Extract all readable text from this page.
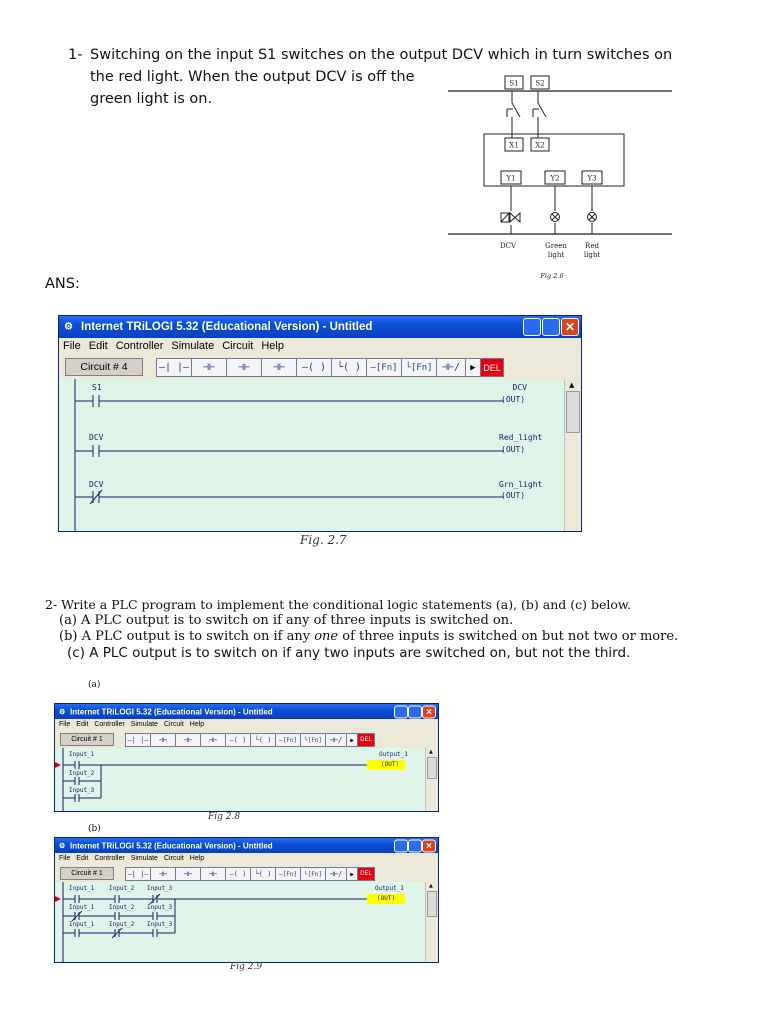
1- Switching on the input S1 switches on the output DCV which in turn switches on
the red light. When the output DCV is off the
green light is on.
S1 S2
X1 X2
Y1	Y2	Y3
DCV	Green
light
Red
light
Fig 2.6
ANS:
⚙ Internet TRiLOGI 5.32 (Educational Version) - Untitled	✕
File Edit Controller Simulate Circuit Help
Circuit # 4	—| |—	⊣⊢	⊣⊢	⊣⊢	—( )	└( )	—[Fn] └[Fn] ⊣⊢/	▶ DEL
S1	DCV
(OUT)
DCV	Red_light
(OUT)
DCV	Grn_light
(OUT)
▲
Fig. 2.7
2- Write a PLC program to implement the conditional logic statements (a), (b) and (c) below.
(a) A PLC output is to switch on if any of three inputs is switched on.
(b) A PLC output is to switch on if any one of three inputs is switched on but not two or more.
(c) A PLC output is to switch on if any two inputs are switched on, but not the third.
(a)
⚙ Internet TRiLOGI 5.32 (Educational Version) - Untitled	✕
File Edit Controller Simulate Circuit Help
Circuit # 1	—| |—	⊣⊢	⊣⊢	⊣⊢	—( )	└( )	—[Fn]	└[Fn]	⊣⊢/	▶	DEL
Input_1
Input_2
Input_3
Output_1
(OUT)
▲
Fig 2.8
(b)
⚙ Internet TRiLOGI 5.32 (Educational Version) - Untitled	✕
File Edit Controller Simulate Circuit Help
Circuit # 1	—| |—	⊣⊢	⊣⊢	⊣⊢	—( )	└( )	—[Fn]	└[Fn]	⊣⊢/	▶	DEL
Input_1 Input_2 Input_3
Input_1 Input_2 Input_3
Input_1 Input_2 Input_3
Output_1
(OUT)
▲
Fig 2.9
